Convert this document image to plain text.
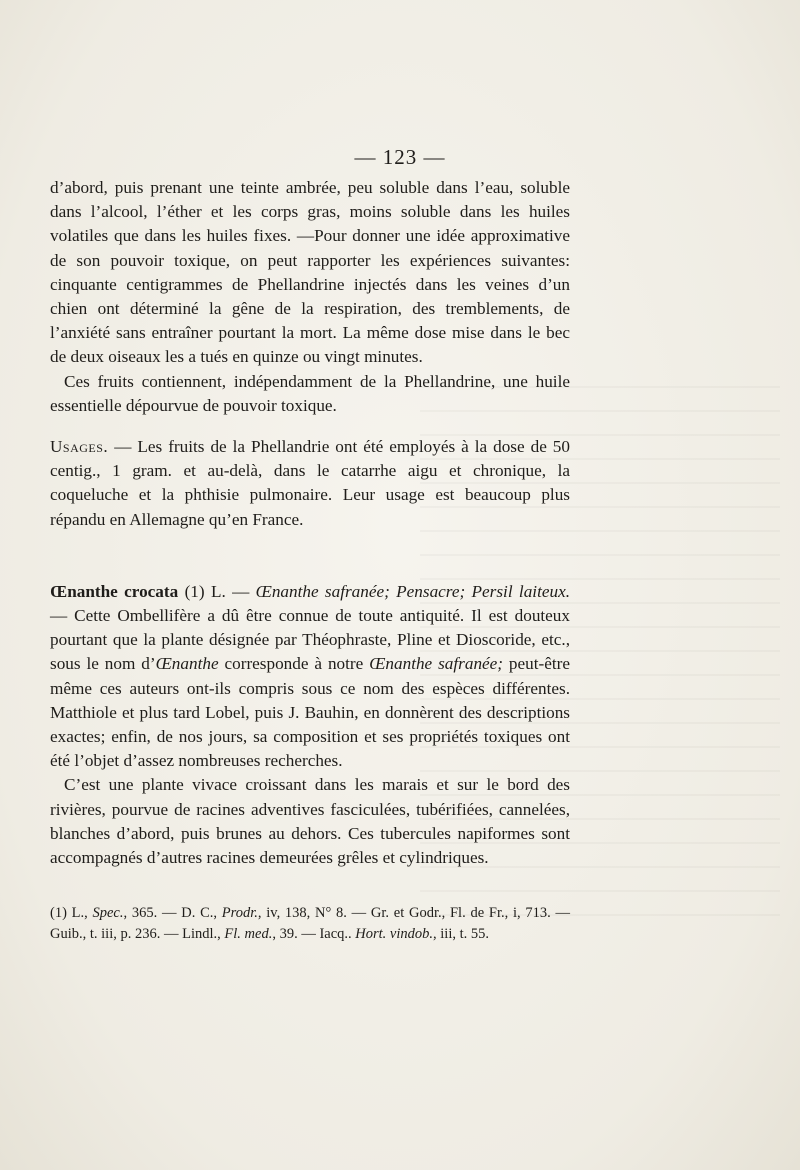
— 123 —

d’abord, puis prenant une teinte ambrée, peu soluble dans l’eau, soluble dans l’alcool, l’éther et les corps gras, moins soluble dans les huiles volatiles que dans les huiles fixes. —Pour donner une idée approximative de son pouvoir toxique, on peut rapporter les expériences suivantes: cinquante centigrammes de Phellandrine injectés dans les veines d’un chien ont déterminé la gêne de la respiration, des tremblements, de l’anxiété sans entraîner pourtant la mort. La même dose mise dans le bec de deux oiseaux les a tués en quinze ou vingt minutes.

Ces fruits contiennent, indépendamment de la Phellandrine, une huile essentielle dépourvue de pouvoir toxique.

Usages. — Les fruits de la Phellandrie ont été employés à la dose de 50 centig., 1 gram. et au-delà, dans le catarrhe aigu et chronique, la coqueluche et la phthisie pulmonaire. Leur usage est beaucoup plus répandu en Allemagne qu’en France.

Œnanthe crocata (1) L. — Œnanthe safranée; Pensacre; Persil laiteux. — Cette Ombellifère a dû être connue de toute antiquité. Il est douteux pourtant que la plante désignée par Théophraste, Pline et Dioscoride, etc., sous le nom d’Œnanthe corresponde à notre Œnanthe safranée; peut-être même ces auteurs ont-ils compris sous ce nom des espèces différentes. Matthiole et plus tard Lobel, puis J. Bauhin, en donnèrent des descriptions exactes; enfin, de nos jours, sa composition et ses propriétés toxiques ont été l’objet d’assez nombreuses recherches.

C’est une plante vivace croissant dans les marais et sur le bord des rivières, pourvue de racines adventives fasciculées, tubérifiées, cannelées, blanches d’abord, puis brunes au dehors. Ces tubercules napiformes sont accompagnés d’autres racines demeurées grêles et cylindriques.

(1) L., Spec., 365. — D. C., Prodr., iv, 138, N° 8. — Gr. et Godr., Fl. de Fr., i, 713. — Guib., t. iii, p. 236. — Lindl., Fl. med., 39. — Iacq.. Hort. vindob., iii, t. 55.
